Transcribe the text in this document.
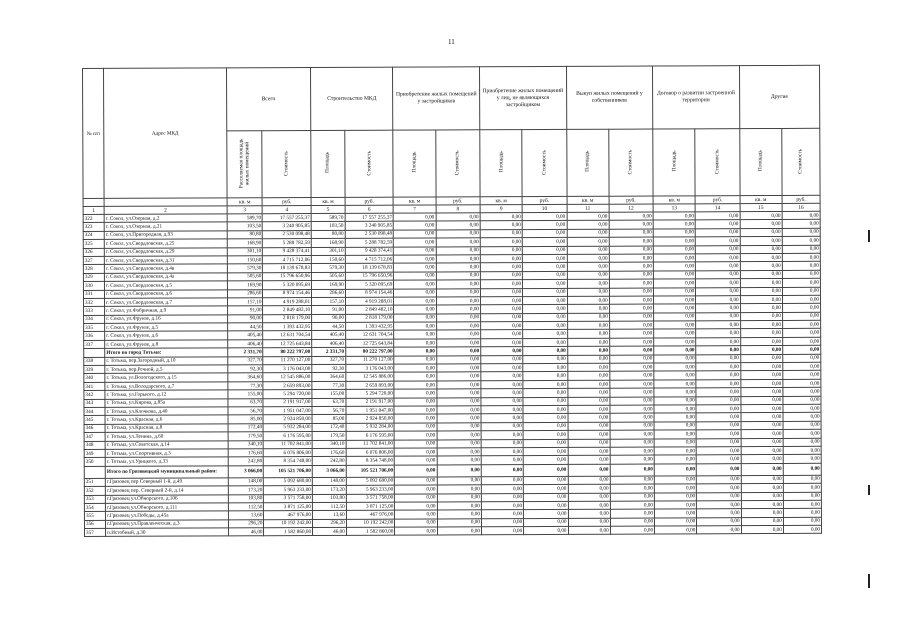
11
№ п/п	Адрес МКД	Всего		Строительство МКД		Приобретение жилых помещений у застройщиков		Приобретение жилых помещений у лиц, не являющихся застройщиком		Выкуп жилых помещений у собственников		Договор о развитии застроенной территории		Другие	
		Расселяемая площадь жилых помещений	Стоимость	Площадь	Стоимость	Площадь	Стоимость	Площадь	Стоимость	Площадь	Стоимость	Площадь	Стоимость	Площадь	Стоимость
		кв. м	руб.	кв. м	руб.	кв. м	руб.	кв. м	руб.	кв. м	руб.	кв. м	руб.	кв. м	руб.
1	2	3	4	5	6	7	8	9	10	11	12	13	14	15	16
322	г. Сокол, ул.Озерная, д.2	589,70	17 557 255,37	589,70	17 557 255,37	0,00	0,00	0,00	0,00	0,00	0,00	0,00	0,00	0,00	0,00
323	г. Сокол, ул.Озерная, д.21	103,50	3 240 905,85	103,50	3 240 905,85	0,00	0,00	0,00	0,00	0,00	0,00	0,00	0,00	0,00	0,00
324	г. Сокол, ул.Пригородная, д.93	80,80	2 530 098,48	80,80	2 530 098,48	0,00	0,00	0,00	0,00	0,00	0,00	0,00	0,00	0,00	0,00
325	г. Сокол, ул.Свердловская, д.25	168,90	5 288 782,59	168,90	5 288 782,59	0,00	0,00	0,00	0,00	0,00	0,00	0,00	0,00	0,00	0,00
326	г. Сокол, ул.Свердловская, д.29	301,10	9 428 374,41	301,10	9 428 374,41	0,00	0,00	0,00	0,00	0,00	0,00	0,00	0,00	0,00	0,00
327	г. Сокол, ул.Свердловская, д.31	150,60	4 715 712,06	150,60	4 715 712,06	0,00	0,00	0,00	0,00	0,00	0,00	0,00	0,00	0,00	0,00
328	г. Сокол, ул.Свердловская, д.4в	579,30	18 139 678,83	579,30	18 139 678,83	0,00	0,00	0,00	0,00	0,00	0,00	0,00	0,00	0,00	0,00
329	г. Сокол, ул.Свердловская, д.4а	505,60	15 796 650,96	505,60	15 796 650,96	0,00	0,00	0,00	0,00	0,00	0,00	0,00	0,00	0,00	0,00
330	г. Сокол, ул.Свердловская, д.5	169,90	5 320 095,69	169,90	5 320 095,69	0,00	0,00	0,00	0,00	0,00	0,00	0,00	0,00	0,00	0,00
331	г. Сокол, ул.Свердловская, д.6	286,60	8 974 154,46	286,60	8 974 154,46	0,00	0,00	0,00	0,00	0,00	0,00	0,00	0,00	0,00	0,00
332	г. Сокол, ул.Свердловская, д.7	157,10	4 919 288,01	157,10	4 919 288,01	0,00	0,00	0,00	0,00	0,00	0,00	0,00	0,00	0,00	0,00
333	г. Сокол, ул.Фабричная, д.9	91,00	2 849 482,10	91,00	2 849 482,10	0,00	0,00	0,00	0,00	0,00	0,00	0,00	0,00	0,00	0,00
334	г. Сокол, ул.Фрунзе, д.16	90,00	2 818 179,00	90,00	2 818 179,00	0,00	0,00	0,00	0,00	0,00	0,00	0,00	0,00	0,00	0,00
335	г. Сокол, ул.Фрунзе, д.5	44,50	1 393 432,95	44,50	1 393 432,95	0,00	0,00	0,00	0,00	0,00	0,00	0,00	0,00	0,00	0,00
336	г. Сокол, ул.Фрунзе, д.6	405,40	12 631 704,54	405,40	12 631 704,54	0,00	0,00	0,00	0,00	0,00	0,00	0,00	0,00	0,00	0,00
337	г. Сокол, ул.Фрунзе, д.8	406,40	12 725 643,84	406,40	12 725 643,84	0,00	0,00	0,00	0,00	0,00	0,00	0,00	0,00	0,00	0,00
	Итого по город Тотьма:	2 331,70	80 222 797,00	2 331,70	80 222 797,00	0,00	0,00	0,00	0,00	0,00	0,00	0,00	0,00	0,00	0,00
338	г. Тотьма, пер.Загородный, д.10	327,70	11 270 127,00	327,70	11 270 127,00	0,00	0,00	0,00	0,00	0,00	0,00	0,00	0,00	0,00	0,00
339	г. Тотьма, пер.Речной, д.5	92,30	3 176 043,00	92,30	3 176 043,00	0,00	0,00	0,00	0,00	0,00	0,00	0,00	0,00	0,00	0,00
340	г. Тотьма, ул.Вологодского, д.15	364,60	12 545 886,00	364,60	12 545 886,00	0,00	0,00	0,00	0,00	0,00	0,00	0,00	0,00	0,00	0,00
341	г. Тотьма, ул.Володарского, д.7	77,30	2 659 893,00	77,30	2 659 893,00	0,00	0,00	0,00	0,00	0,00	0,00	0,00	0,00	0,00	0,00
342	г. Тотьма, ул.Горького, д.12	155,00	5 294 720,00	155,00	5 294 720,00	0,00	0,00	0,00	0,00	0,00	0,00	0,00	0,00	0,00	0,00
343	г. Тотьма, ул.Кирова, д.85а	63,70	2 191 917,00	63,70	2 191 917,00	0,00	0,00	0,00	0,00	0,00	0,00	0,00	0,00	0,00	0,00
344	г. Тотьма, ул.Клочкова, д.40	56,70	1 951 047,00	56,70	1 951 047,00	0,00	0,00	0,00	0,00	0,00	0,00	0,00	0,00	0,00	0,00
345	г. Тотьма, ул.Красная, д.6	85,00	2 924 850,00	85,00	2 924 850,00	0,00	0,00	0,00	0,00	0,00	0,00	0,00	0,00	0,00	0,00
346	г. Тотьма, ул.Красная, д.8	172,40	5 932 284,00	172,40	5 932 284,00	0,00	0,00	0,00	0,00	0,00	0,00	0,00	0,00	0,00	0,00
347	г. Тотьма, ул.Ленина, д.60	179,50	6 176 595,00	179,50	6 176 595,00	0,00	0,00	0,00	0,00	0,00	0,00	0,00	0,00	0,00	0,00
348	г. Тотьма, ул.Советская, д.14	340,10	11 702 841,00	340,10	11 702 841,00	0,00	0,00	0,00	0,00	0,00	0,00	0,00	0,00	0,00	0,00
349	г. Тотьма, ул.Спортивная, д.3	176,60	6 076 806,00	176,60	6 076 806,00	0,00	0,00	0,00	0,00	0,00	0,00	0,00	0,00	0,00	0,00
350	г. Тотьма, ул.Урицкого, д.33	242,80	8 354 748,00	242,80	8 354 748,00	0,00	0,00	0,00	0,00	0,00	0,00	0,00	0,00	0,00	0,00
	Итого по Грязовецкий муниципальный район:	3 066,00	105 521 706,00	3 066,00	105 521 706,00	0,00	0,00	0,00	0,00	0,00	0,00	0,00	0,00	0,00	0,00
351	г.Грязовец пер Северный 1-й, д.49	148,00	5 092 680,00	148,00	5 092 680,00	0,00	0,00	0,00	0,00	0,00	0,00	0,00	0,00	0,00	0,00
352	г.Грязовец пер. Северный 2-й, д.14	173,20	5 963 233,00	173,20	5 963 233,00	0,00	0,00	0,00	0,00	0,00	0,00	0,00	0,00	0,00	0,00
353	г.Грязовец ул.Обнорского, д.106	103,80	3 571 758,00	103,80	3 571 758,00	0,00	0,00	0,00	0,00	0,00	0,00	0,00	0,00	0,00	0,00
354	г.Грязовец ул.Обнорского, д.111	112,50	3 871 125,00	112,50	3 871 125,00	0,00	0,00	0,00	0,00	0,00	0,00	0,00	0,00	0,00	0,00
355	г.Грязовец ул.Победы, д.45а	13,60	467 976,00	13,60	467 976,00	0,00	0,00	0,00	0,00	0,00	0,00	0,00	0,00	0,00	0,00
356	г.Грязовец ул.Правленческая, д.3	296,20	10 192 242,00	296,20	10 192 242,00	0,00	0,00	0,00	0,00	0,00	0,00	0,00	0,00	0,00	0,00
357	п.Истобный, д.30	46,00	1 582 860,00	46,00	1 582 860,00	0,00	0,00	0,00	0,00	0,00	0,00	0,00	0,00	0,00	0,00
